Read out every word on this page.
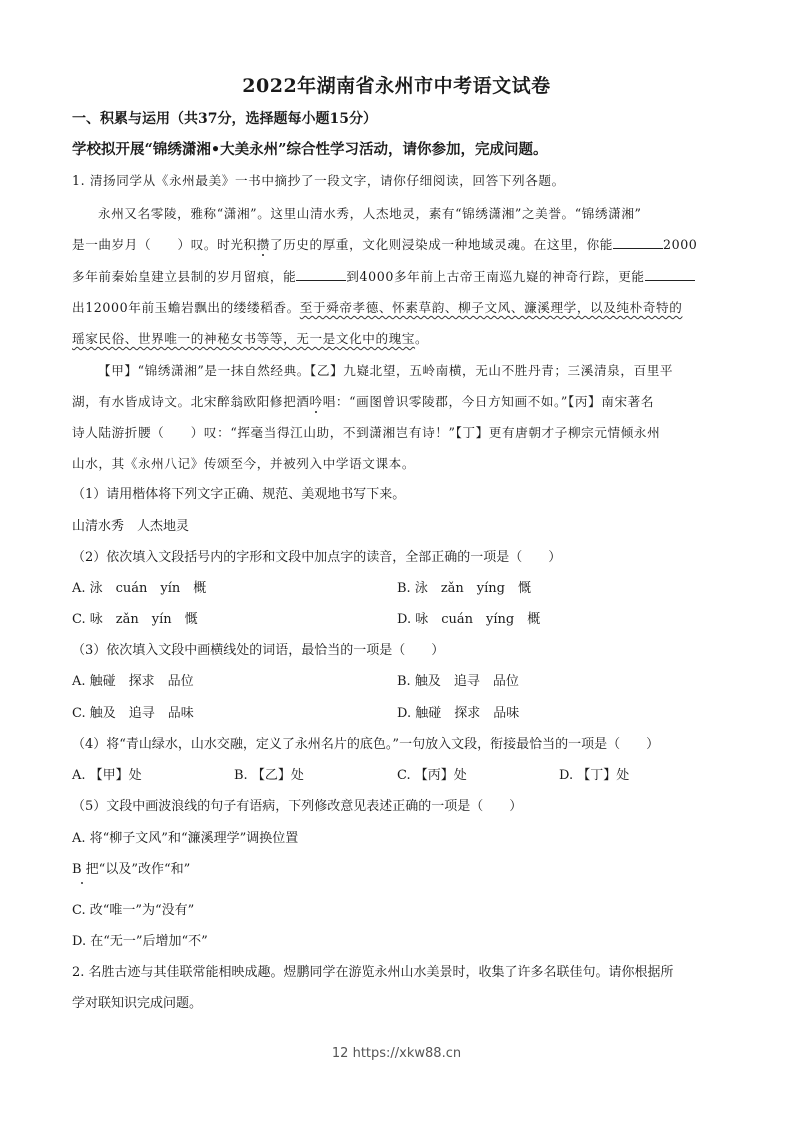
2022年湖南省永州市中考语文试卷
一、积累与运用（共37分，选择题每小题15分）
学校拟开展“锦绣潇湘•大美永州”综合性学习活动，请你参加，完成问题。
1. 清扬同学从《永州最美》一书中摘抄了一段文字，请你仔细阅读，回答下列各题。
永州又名零陵，雅称“潇湘”。这里山清水秀，人杰地灵，素有“锦绣潇湘”之美誉。“锦绣潇湘”
是一曲岁月（　　）叹。时光积攒了历史的厚重，文化则浸染成一种地域灵魂。在这里，你能	2000
多年前秦始皇建立县制的岁月留痕，能	到4000多年前上古帝王南巡九嶷的神奇行踪，更能
出12000年前玉蟾岩飘出的缕缕稻香。至于舜帝孝德、怀素草韵、柳子文风、濂溪理学，以及纯朴奇特的
瑶家民俗、世界唯一的神秘女书等等，无一是文化中的瑰宝。
【甲】“锦绣潇湘”是一抹自然经典。【乙】九嶷北望，五岭南横，无山不胜丹青；三溪清泉，百里平
湖，有水皆成诗文。北宋醉翁欧阳修把酒吟唱：“画图曾识零陵郡，今日方知画不如。”【丙】南宋著名
诗人陆游折腰（　　）叹：“挥毫当得江山助，不到潇湘岂有诗！”【丁】更有唐朝才子柳宗元情倾永州
山水，其《永州八记》传颂至今，并被列入中学语文课本。
（1）请用楷体将下列文字正确、规范、美观地书写下来。
山清水秀　人杰地灵
（2）依次填入文段括号内的字形和文段中加点字的读音，全部正确的一项是（　　）
A. 泳　cuán　yín　概	B. 泳　zǎn　yíng　慨
C. 咏　zǎn　yín　慨	D. 咏　cuán　yíng　概
（3）依次填入文段中画横线处的词语，最恰当的一项是（　　）
A. 触碰　探求　品位	B. 触及　追寻　品位
C. 触及　追寻　品味	D. 触碰　探求　品味
（4）将“青山绿水，山水交融，定义了永州名片的底色。”一句放入文段，衔接最恰当的一项是（　　）
A. 【甲】处	B. 【乙】处	C. 【丙】处	D. 【丁】处
（5）文段中画波浪线的句子有语病，下列修改意见表述正确的一项是（　　）
A. 将“柳子文风”和“濂溪理学”调换位置
B 把“以及”改作“和”
C. 改“唯一”为“没有”
D. 在“无一”后增加“不”
2. 名胜古迹与其佳联常能相映成趣。煜鹏同学在游览永州山水美景时，收集了许多名联佳句。请你根据所
学对联知识完成问题。
12 https://xkw88.cn
